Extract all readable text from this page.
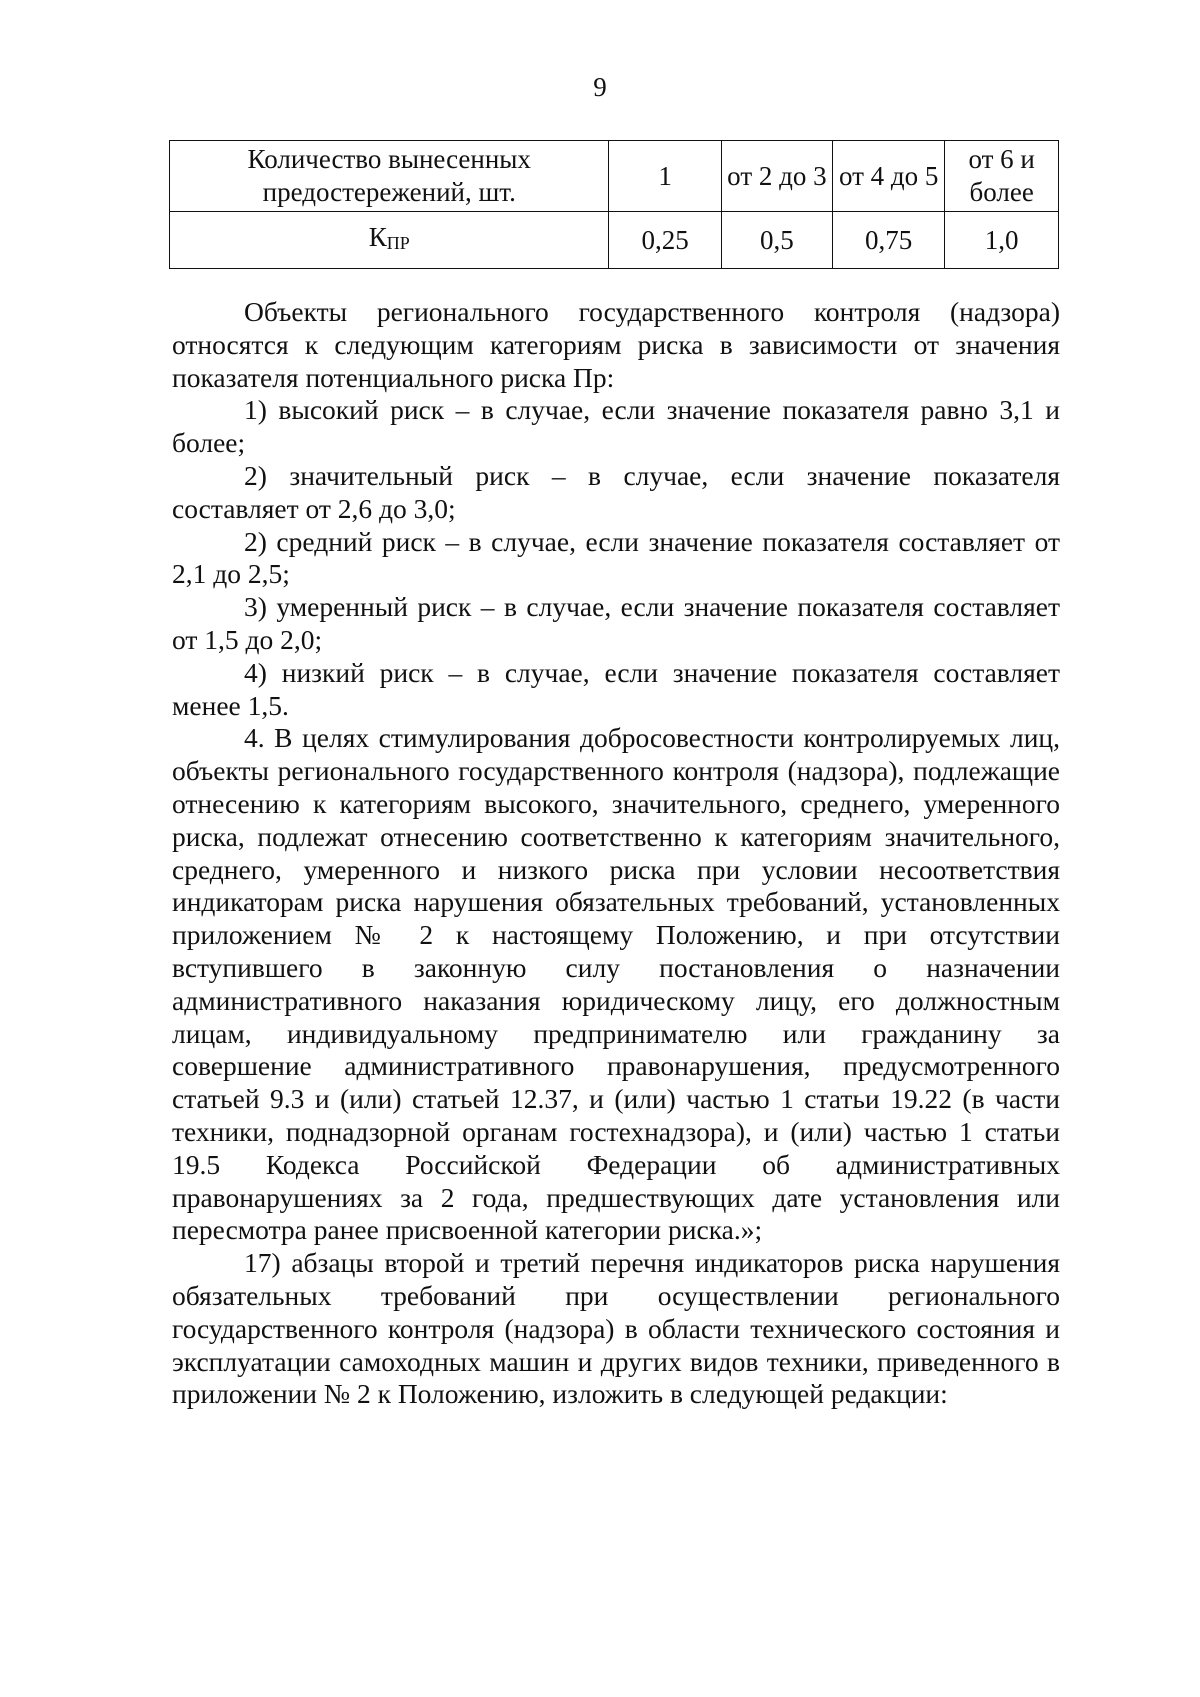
9
Количество вынесенных предостережений, шт.	1	от 2 до 3	от 4 до 5	от 6 и более
КПР	0,25	0,5	0,75	1,0

Объекты регионального государственного контроля (надзора) относятся к следующим категориям риска в зависимости от значения показателя потенциального риска Пр:

1) высокий риск – в случае, если значение показателя равно 3,1 и более;

2) значительный риск – в случае, если значение показателя составляет от 2,6 до 3,0;

2) средний риск – в случае, если значение показателя составляет от 2,1 до 2,5;

3) умеренный риск – в случае, если значение показателя составляет от 1,5 до 2,0;

4) низкий риск – в случае, если значение показателя составляет менее 1,5.

4. В целях стимулирования добросовестности контролируемых лиц, объекты регионального государственного контроля (надзора), подлежащие отнесению к категориям высокого, значительного, среднего, умеренного риска, подлежат отнесению соответственно к категориям значительного, среднего, умеренного и низкого риска при условии несоответствия индикаторам риска нарушения обязательных требований, установленных приложением № 2 к настоящему Положению, и при отсутствии вступившего в законную силу постановления о назначении административного наказания юридическому лицу, его должностным лицам, индивидуальному предпринимателю или гражданину за совершение административного правонарушения, предусмотренного статьей 9.3 и (или) статьей 12.37, и (или) частью 1 статьи 19.22 (в части техники, поднадзорной органам гостехнадзора), и (или) частью 1 статьи 19.5 Кодекса Российской Федерации об административных правонарушениях за 2 года, предшествующих дате установления или пересмотра ранее присвоенной категории риска.»;

17) абзацы второй и третий перечня индикаторов риска нарушения обязательных требований при осуществлении регионального государственного контроля (надзора) в области технического состояния и эксплуатации самоходных машин и других видов техники, приведенного в приложении № 2 к Положению, изложить в следующей редакции:
